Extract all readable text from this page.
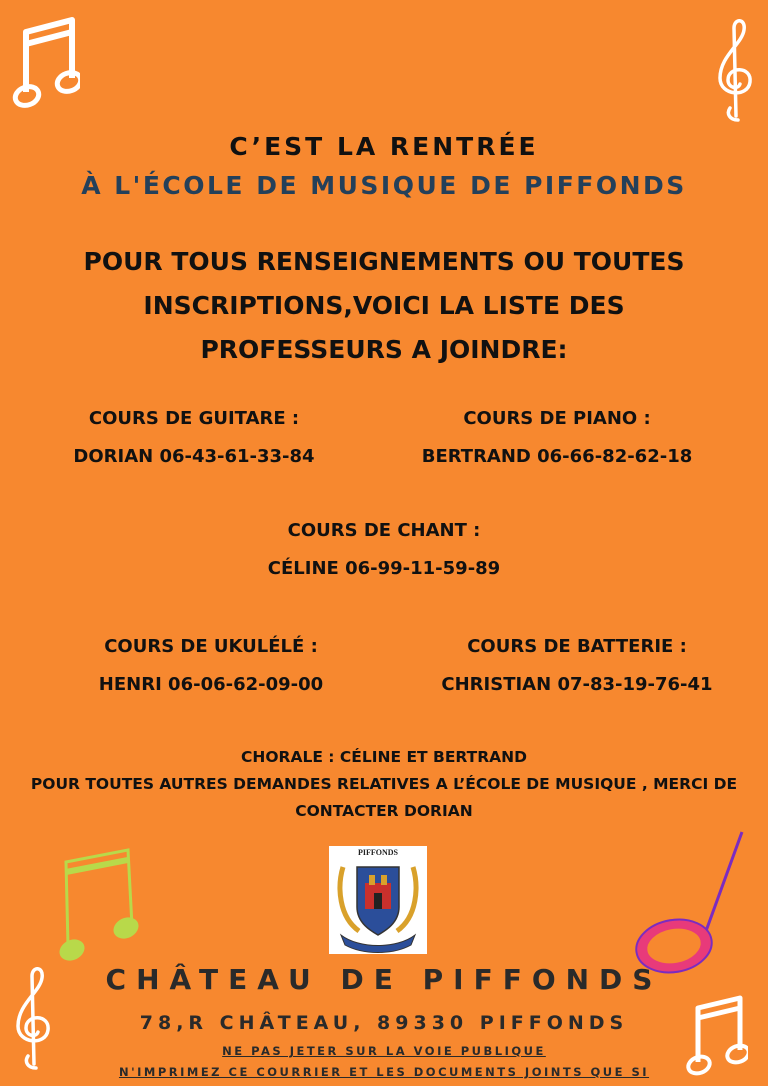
C’EST LA RENTRÉE
À L'ÉCOLE DE MUSIQUE DE PIFFONDS
POUR TOUS RENSEIGNEMENTS OU TOUTES INSCRIPTIONS,VOICI LA LISTE DES PROFESSEURS A JOINDRE:
COURS DE GUITARE :
DORIAN 06-43-61-33-84
COURS DE PIANO :
BERTRAND 06-66-82-62-18
COURS DE CHANT :
CÉLINE 06-99-11-59-89
COURS DE UKULÉLÉ :
HENRI 06-06-62-09-00
COURS DE BATTERIE :
CHRISTIAN 07-83-19-76-41
CHORALE : CÉLINE ET BERTRAND
POUR TOUTES AUTRES DEMANDES RELATIVES A L’ÉCOLE DE MUSIQUE , MERCI DE
CONTACTER DORIAN
PIFFONDS
CHÂTEAU DE PIFFONDS
78,R CHÂTEAU, 89330 PIFFONDS
NE PAS JETER SUR LA VOIE PUBLIQUE
N'IMPRIMEZ CE COURRIER ET LES DOCUMENTS JOINTS QUE SI
